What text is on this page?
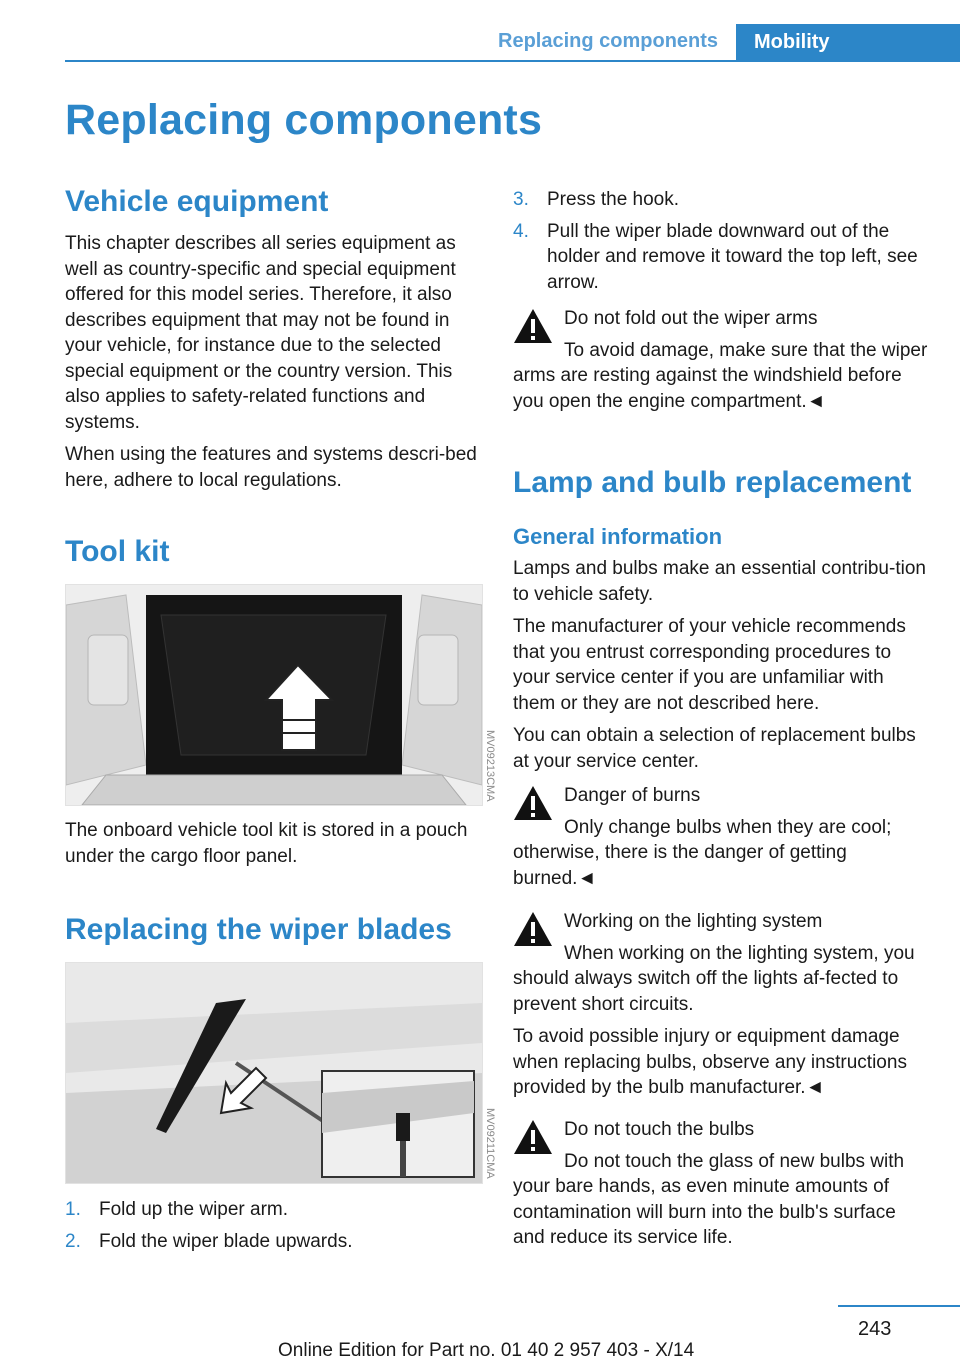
Replacing components Mobility
Replacing components
Vehicle equipment

This chapter describes all series equipment as well as country-specific and special equipment offered for this model series. Therefore, it also describes equipment that may not be found in your vehicle, for instance due to the selected special equipment or the country version. This also applies to safety-related functions and systems.

When using the features and systems descri-bed here, adhere to local regulations.

Tool kit
MV09213CMA

The onboard vehicle tool kit is stored in a pouch under the cargo floor panel.

Replacing the wiper blades
MV09211CMA
1. Fold up the wiper arm.
2. Fold the wiper blade upwards.
3. Press the hook.
4. Pull the wiper blade downward out of the holder and remove it toward the top left, see arrow.
Do not fold out the wiper arms
To avoid damage, make sure that the wiper arms are resting against the windshield before you open the engine compartment.◄
Lamp and bulb replacement
General information

Lamps and bulbs make an essential contribu-tion to vehicle safety.

The manufacturer of your vehicle recommends that you entrust corresponding procedures to your service center if you are unfamiliar with them or they are not described here.

You can obtain a selection of replacement bulbs at your service center.

Danger of burns
Only change bulbs when they are cool; otherwise, there is the danger of getting burned.◄
Working on the lighting system
When working on the lighting system, you should always switch off the lights af-fected to prevent short circuits.
To avoid possible injury or equipment damage when replacing bulbs, observe any instructions provided by the bulb manufacturer.◄
Do not touch the bulbs
Do not touch the glass of new bulbs with your bare hands, as even minute amounts of contamination will burn into the bulb's surface and reduce its service life.
243
Online Edition for Part no. 01 40 2 957 403 - X/14
